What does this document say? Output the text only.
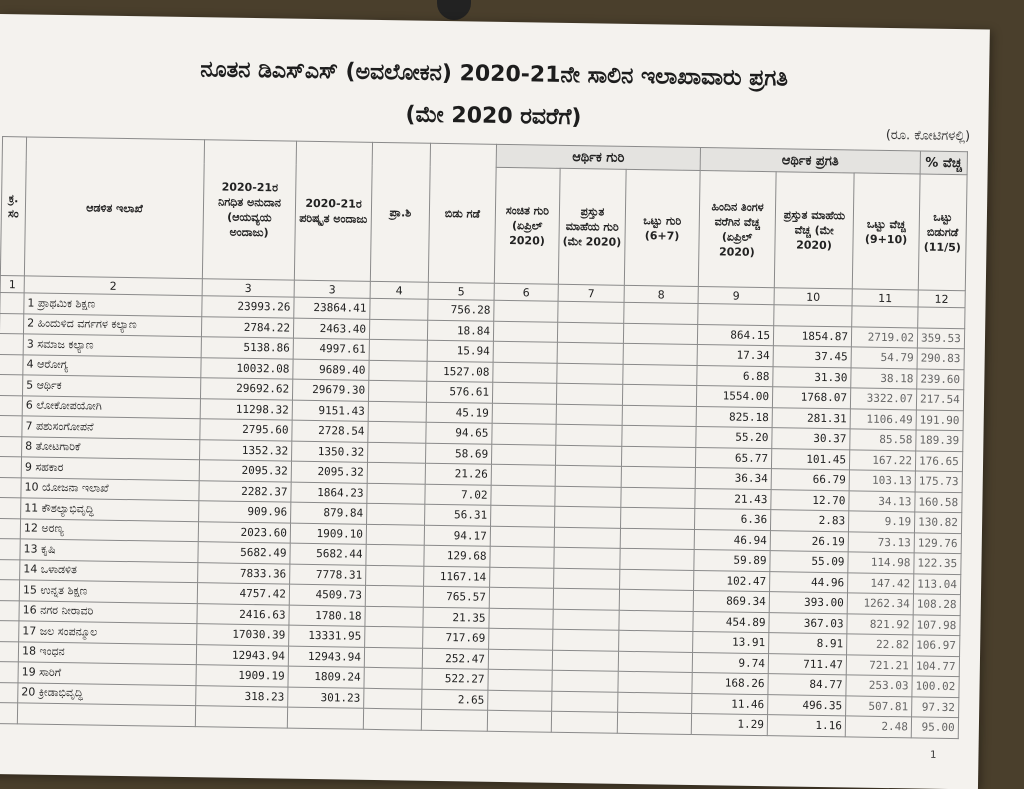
ನೂತನ ಡಿಎಸ್‌ಎಸ್ (ಅವಲೋಕನ) 2020-21ನೇ ಸಾಲಿನ ಇಲಾಖಾವಾರು ಪ್ರಗತಿ
(ಮೇ 2020 ರವರೆಗೆ)
(ರೂ. ಕೋಟಿಗಳಲ್ಲಿ)
ಕ್ರ. ಸಂ	ಆಡಳಿತ ಇಲಾಖೆ	2020-21ರ ನಿಗಧಿತ ಅನುದಾನ (ಆಯವ್ಯಯ ಅಂದಾಜು)	2020-21ರ ಪರಿಷ್ಕೃತ ಅಂದಾಜು	ಪ್ರಾ.ಶಿ	ಬಿಡು ಗಡೆ	ಆರ್ಥಿಕ ಗುರಿ			ಆರ್ಥಿಕ ಪ್ರಗತಿ			% ವೆಚ್ಚ
						ಸಂಚಿತ ಗುರಿ (ಏಪ್ರಿಲ್ 2020)	ಪ್ರಸ್ತುತ ಮಾಹೆಯ ಗುರಿ (ಮೇ 2020)	ಒಟ್ಟು ಗುರಿ (6+7)	ಹಿಂದಿನ ತಿಂಗಳ ವರೆಗಿನ ವೆಚ್ಚ (ಏಪ್ರಿಲ್ 2020)	ಪ್ರಸ್ತುತ ಮಾಹೆಯ ವೆಚ್ಚ (ಮೇ 2020)	ಒಟ್ಟು ವೆಚ್ಚ (9+10)	ಒಟ್ಟು ಬಿಡುಗಡೆ (11/5)
1	2	3	3	4	5	6	7	8	9	10	11	12
	1 ಪ್ರಾಥಮಿಕ ಶಿಕ್ಷಣ	23993.26	23864.41		756.28							
	2 ಹಿಂದುಳಿದ ವರ್ಗಗಳ ಕಲ್ಯಾಣ	2784.22	2463.40		18.84				864.15	1854.87	2719.02	359.53
	3 ಸಮಾಜ ಕಲ್ಯಾಣ	5138.86	4997.61		15.94				17.34	37.45	54.79	290.83
	4 ಆರೋಗ್ಯ	10032.08	9689.40		1527.08				6.88	31.30	38.18	239.60
	5 ಆರ್ಥಿಕ	29692.62	29679.30		576.61				1554.00	1768.07	3322.07	217.54
	6 ಲೋಕೋಪಯೋಗಿ	11298.32	9151.43		45.19				825.18	281.31	1106.49	191.90
	7 ಪಶುಸಂಗೋಪನೆ	2795.60	2728.54		94.65				55.20	30.37	85.58	189.39
	8 ತೋಟಗಾರಿಕೆ	1352.32	1350.32		58.69				65.77	101.45	167.22	176.65
	9 ಸಹಕಾರ	2095.32	2095.32		21.26				36.34	66.79	103.13	175.73
	10 ಯೋಜನಾ ಇಲಾಖೆ	2282.37	1864.23		7.02				21.43	12.70	34.13	160.58
	11 ಕೌಶಲ್ಯಾಭಿವೃದ್ಧಿ	909.96	879.84		56.31				6.36	2.83	9.19	130.82
	12 ಅರಣ್ಯ	2023.60	1909.10		94.17				46.94	26.19	73.13	129.76
	13 ಕೃಷಿ	5682.49	5682.44		129.68				59.89	55.09	114.98	122.35
	14 ಒಳಾಡಳಿತ	7833.36	7778.31		1167.14				102.47	44.96	147.42	113.04
	15 ಉನ್ನತ ಶಿಕ್ಷಣ	4757.42	4509.73		765.57				869.34	393.00	1262.34	108.28
	16 ನಗರ ನೀರಾವರಿ	2416.63	1780.18		21.35				454.89	367.03	821.92	107.98
	17 ಜಲ ಸಂಪನ್ಮೂಲ	17030.39	13331.95		717.69				13.91	8.91	22.82	106.97
	18 ಇಂಧನ	12943.94	12943.94		252.47				9.74	711.47	721.21	104.77
	19 ಸಾರಿಗೆ	1909.19	1809.24		522.27				168.26	84.77	253.03	100.02
	20 ಕ್ರೀಡಾಭಿವೃದ್ಧಿ	318.23	301.23		2.65				11.46	496.35	507.81	97.32
									1.29	1.16	2.48	95.00
1
